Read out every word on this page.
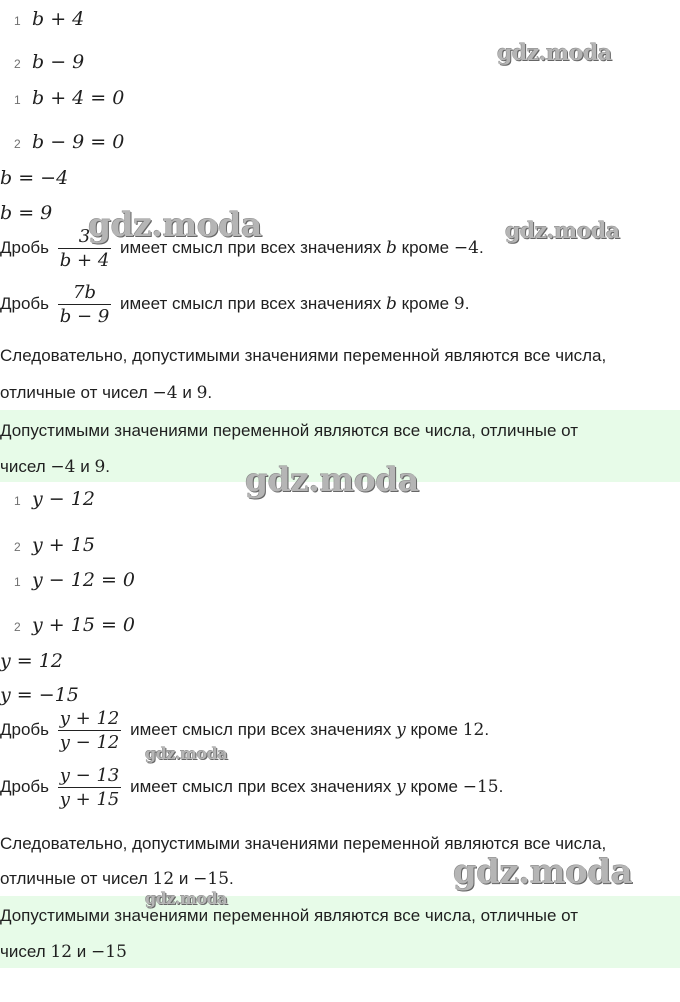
1 b + 4
2 b − 9
1 b + 4 = 0
2 b − 9 = 0
b = −4
b = 9
Дробь $\frac{3}{b + 4}$ имеет смысл при всех значениях b кроме −4.
Дробь $\frac{7b}{b - 9}$ имеет смысл при всех значениях b кроме 9.
Следовательно, допустимыми значениями переменной являются все числа,
отличные от чисел −4 и 9.
Допустимыми значениями переменной являются все числа, отличные от
чисел −4 и 9.
1 y − 12
2 y + 15
1 y − 12 = 0
2 y + 15 = 0
y = 12
y = −15
Дробь $\frac{y + 12}{y - 12}$ имеет смысл при всех значениях y кроме 12.
Дробь $\frac{y - 13}{y + 15}$ имеет смысл при всех значениях y кроме −15.
Следовательно, допустимыми значениями переменной являются все числа,
отличные от чисел 12 и −15.
Допустимыми значениями переменной являются все числа, отличные от
чисел 12 и −15
gdz.moda
gdz.moda	gdz.moda
gdz.moda
gdz.moda
gdz.moda
gdz.moda
